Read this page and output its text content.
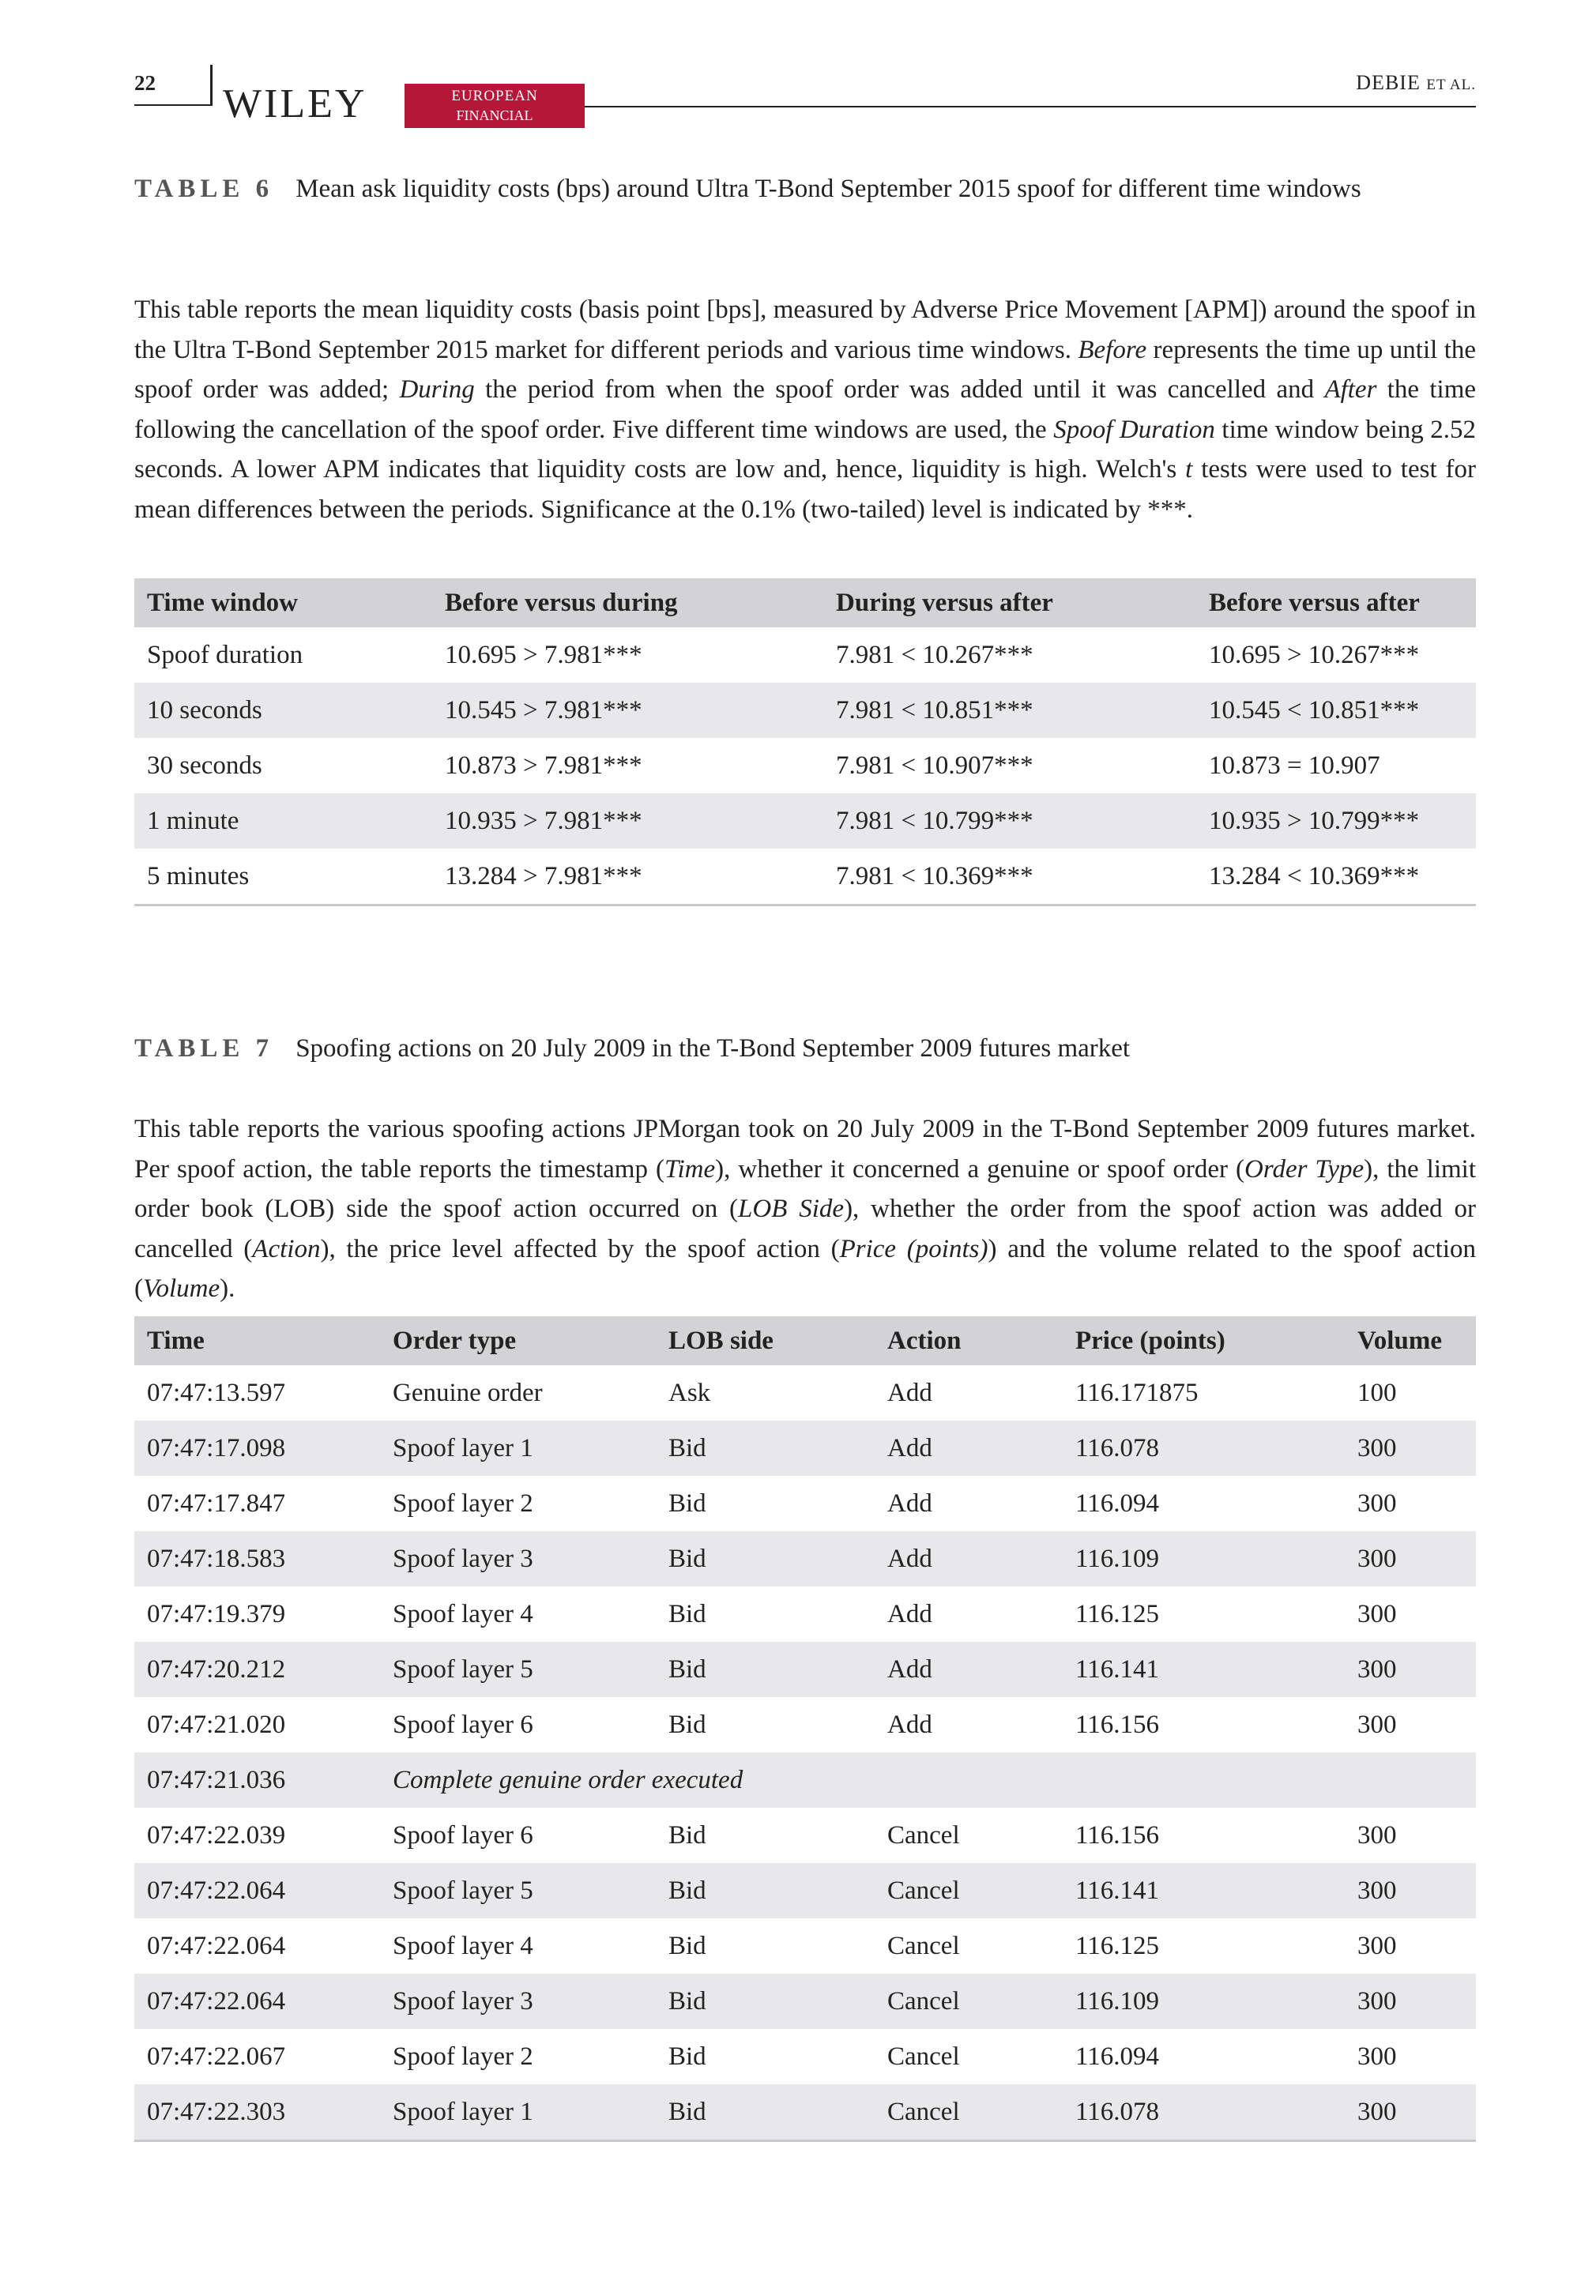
22 WILEY	EUROPEAN
FINANCIAL MANAGEMENT
DEBIE ET AL.
TABLE 6 Mean ask liquidity costs (bps) around Ultra T-Bond September 2015 spoof for different time windows
This table reports the mean liquidity costs (basis point [bps], measured by Adverse Price Movement [APM]) around the spoof in the Ultra T-Bond September 2015 market for different periods and various time windows. Before represents the time up until the spoof order was added; During the period from when the spoof order was added until it was cancelled and After the time following the cancellation of the spoof order. Five different time windows are used, the Spoof Duration time window being 2.52 seconds. A lower APM indicates that liquidity costs are low and, hence, liquidity is high. Welch's t tests were used to test for mean differences between the periods. Significance at the 0.1% (two-tailed) level is indicated by ***.
Time window	Before versus during	During versus after	Before versus after
Spoof duration	10.695 > 7.981***	7.981 < 10.267***	10.695 > 10.267***
10 seconds	10.545 > 7.981***	7.981 < 10.851***	10.545 < 10.851***
30 seconds	10.873 > 7.981***	7.981 < 10.907***	10.873 = 10.907
1 minute	10.935 > 7.981***	7.981 < 10.799***	10.935 > 10.799***
5 minutes	13.284 > 7.981***	7.981 < 10.369***	13.284 < 10.369***
TABLE 7 Spoofing actions on 20 July 2009 in the T-Bond September 2009 futures market
This table reports the various spoofing actions JPMorgan took on 20 July 2009 in the T-Bond September 2009 futures market. Per spoof action, the table reports the timestamp (Time), whether it concerned a genuine or spoof order (Order Type), the limit order book (LOB) side the spoof action occurred on (LOB Side), whether the order from the spoof action was added or cancelled (Action), the price level affected by the spoof action (Price (points)) and the volume related to the spoof action (Volume).
Time	Order type	LOB side	Action	Price (points)	Volume
07:47:13.597	Genuine order	Ask	Add	116.171875	100
07:47:17.098	Spoof layer 1	Bid	Add	116.078	300
07:47:17.847	Spoof layer 2	Bid	Add	116.094	300
07:47:18.583	Spoof layer 3	Bid	Add	116.109	300
07:47:19.379	Spoof layer 4	Bid	Add	116.125	300
07:47:20.212	Spoof layer 5	Bid	Add	116.141	300
07:47:21.020	Spoof layer 6	Bid	Add	116.156	300
07:47:21.036	Complete genuine order executed				
07:47:22.039	Spoof layer 6	Bid	Cancel	116.156	300
07:47:22.064	Spoof layer 5	Bid	Cancel	116.141	300
07:47:22.064	Spoof layer 4	Bid	Cancel	116.125	300
07:47:22.064	Spoof layer 3	Bid	Cancel	116.109	300
07:47:22.067	Spoof layer 2	Bid	Cancel	116.094	300
07:47:22.303	Spoof layer 1	Bid	Cancel	116.078	300
